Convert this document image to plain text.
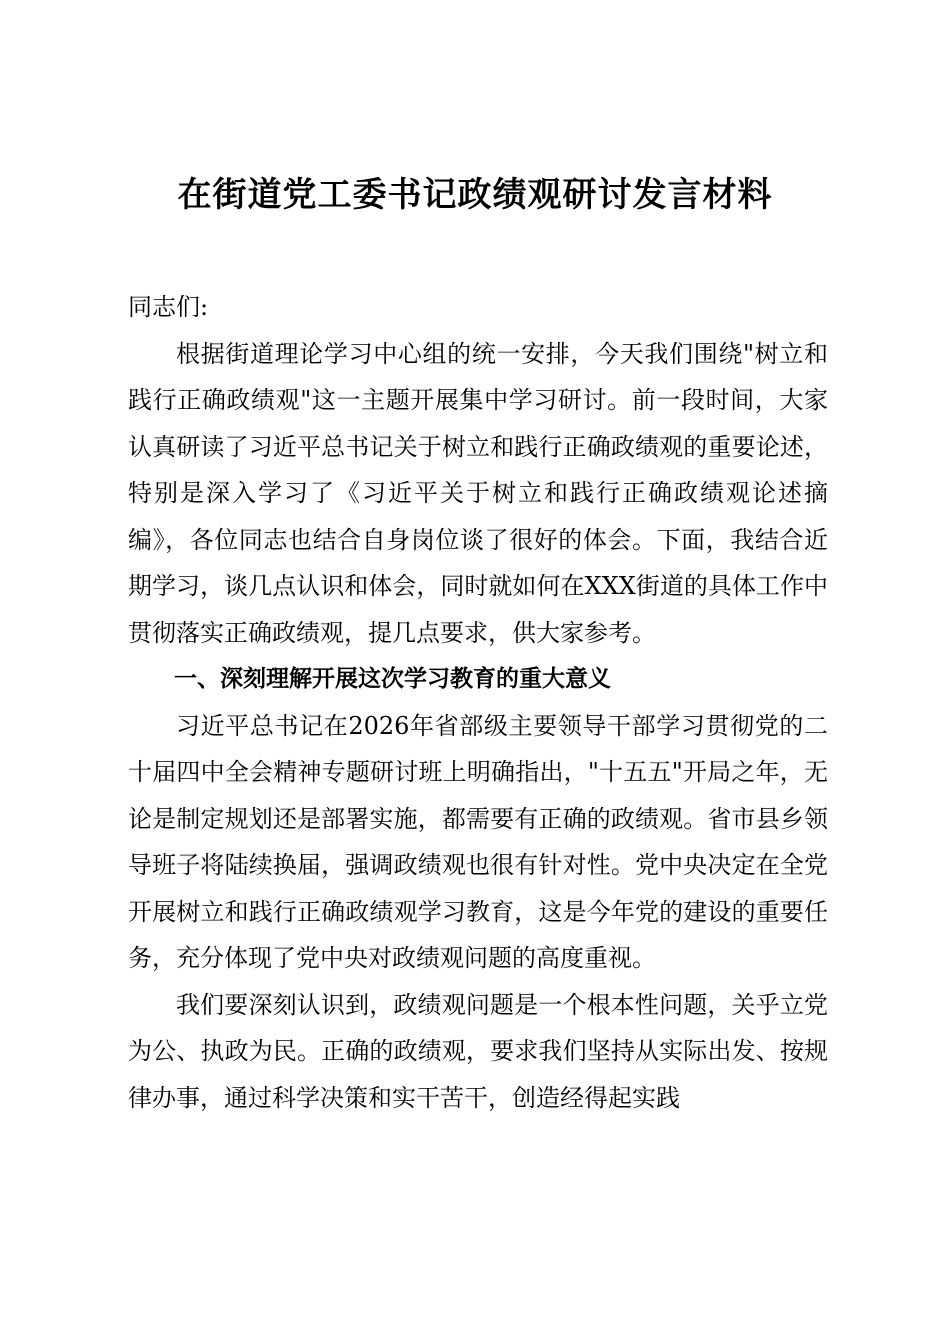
在街道党工委书记政绩观研讨发言材料

同志们:

根据街道理论学习中心组的统一安排，今天我们围绕"树立和践行正确政绩观"这一主题开展集中学习研讨。前一段时间，大家认真研读了习近平总书记关于树立和践行正确政绩观的重要论述，特别是深入学习了《习近平关于树立和践行正确政绩观论述摘编》，各位同志也结合自身岗位谈了很好的体会。下面，我结合近期学习，谈几点认识和体会，同时就如何在XXX街道的具体工作中贯彻落实正确政绩观，提几点要求，供大家参考。

一、深刻理解开展这次学习教育的重大意义

习近平总书记在2026年省部级主要领导干部学习贯彻党的二十届四中全会精神专题研讨班上明确指出，"十五五"开局之年，无论是制定规划还是部署实施，都需要有正确的政绩观。省市县乡领导班子将陆续换届，强调政绩观也很有针对性。党中央决定在全党开展树立和践行正确政绩观学习教育，这是今年党的建设的重要任务，充分体现了党中央对政绩观问题的高度重视。

我们要深刻认识到，政绩观问题是一个根本性问题，关乎立党为公、执政为民。正确的政绩观，要求我们坚持从实际出发、按规律办事，通过科学决策和实干苦干，创造经得起实践
